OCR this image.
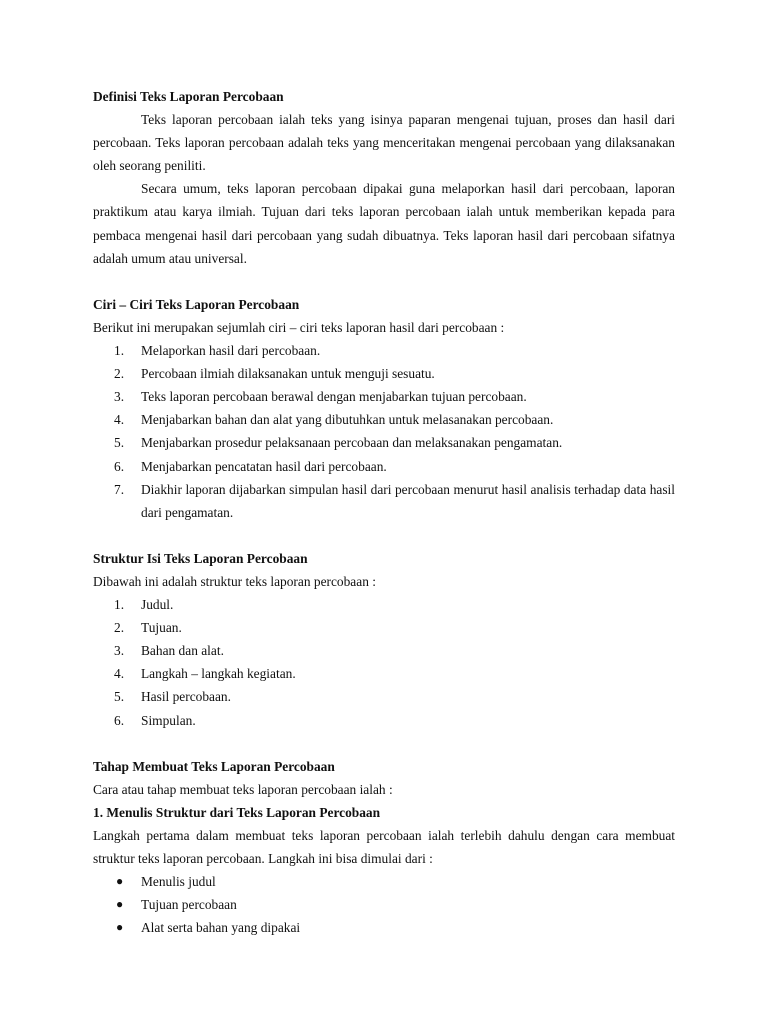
Definisi Teks Laporan Percobaan

Teks laporan percobaan ialah teks yang isinya paparan mengenai tujuan, proses dan hasil dari percobaan. Teks laporan percobaan adalah teks yang menceritakan mengenai percobaan yang dilaksanakan oleh seorang peniliti.

Secara umum, teks laporan percobaan dipakai guna melaporkan hasil dari percobaan, laporan praktikum atau karya ilmiah. Tujuan dari teks laporan percobaan ialah untuk memberikan kepada para pembaca mengenai hasil dari percobaan yang sudah dibuatnya. Teks laporan hasil dari percobaan sifatnya adalah umum atau universal.

Ciri – Ciri Teks Laporan Percobaan

Berikut ini merupakan sejumlah ciri – ciri teks laporan hasil dari percobaan :

1. Melaporkan hasil dari percobaan.
2. Percobaan ilmiah dilaksanakan untuk menguji sesuatu.
3. Teks laporan percobaan berawal dengan menjabarkan tujuan percobaan.
4. Menjabarkan bahan dan alat yang dibutuhkan untuk melasanakan percobaan.
5. Menjabarkan prosedur pelaksanaan percobaan dan melaksanakan pengamatan.
6. Menjabarkan pencatatan hasil dari percobaan.
7. Diakhir laporan dijabarkan simpulan hasil dari percobaan menurut hasil analisis terhadap data hasil dari pengamatan.
Struktur Isi Teks Laporan Percobaan

Dibawah ini adalah struktur teks laporan percobaan :

1. Judul.
2. Tujuan.
3. Bahan dan alat.
4. Langkah – langkah kegiatan.
5. Hasil percobaan.
6. Simpulan.
Tahap Membuat Teks Laporan Percobaan

Cara atau tahap membuat teks laporan percobaan ialah :

1. Menulis Struktur dari Teks Laporan Percobaan

Langkah pertama dalam membuat teks laporan percobaan ialah terlebih dahulu dengan cara membuat struktur teks laporan percobaan. Langkah ini bisa dimulai dari :

● Menulis judul
● Tujuan percobaan
● Alat serta bahan yang dipakai
